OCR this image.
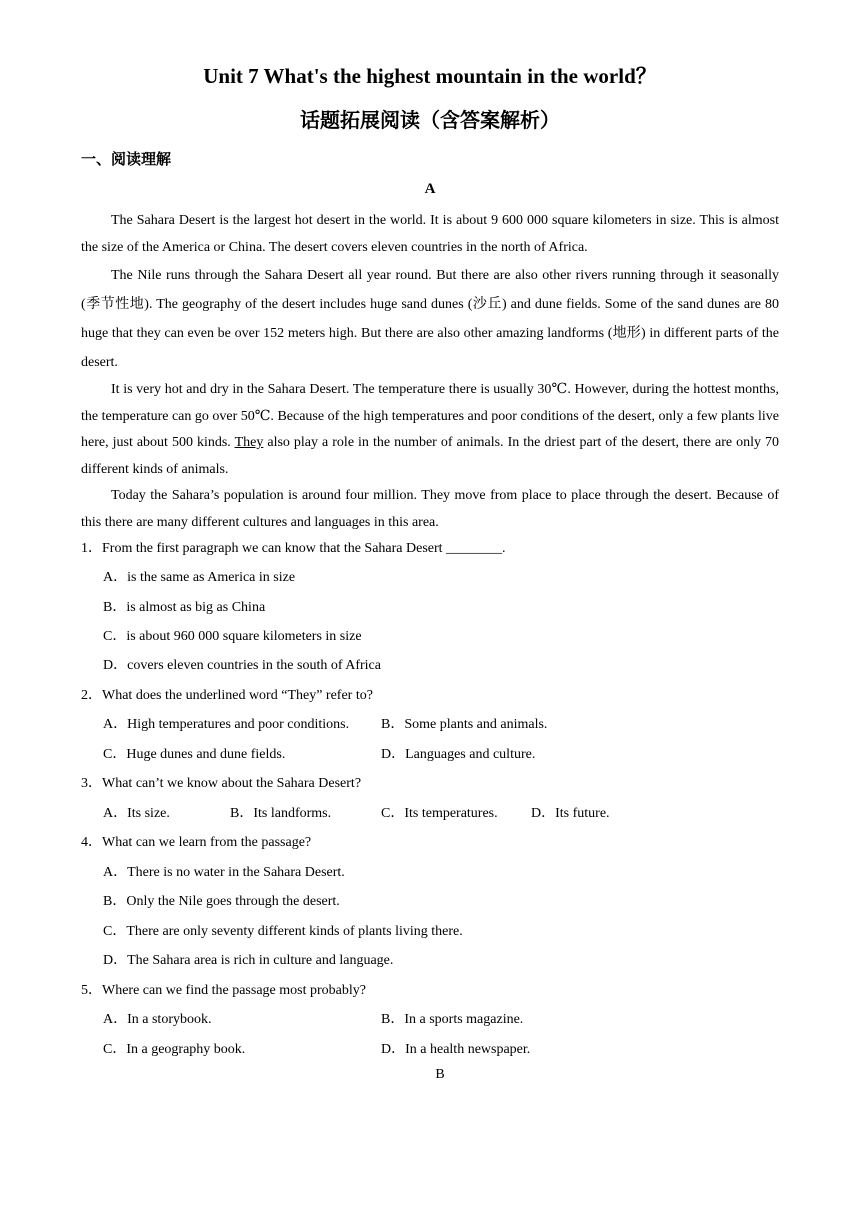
Unit 7 What's the highest mountain in the world？
话题拓展阅读（含答案解析）
一、阅读理解
A

The Sahara Desert is the largest hot desert in the world. It is about 9 600 000 square kilometers in size. This is almost the size of the America or China. The desert covers eleven countries in the north of Africa.

The Nile runs through the Sahara Desert all year round. But there are also other rivers running through it seasonally (季节性地). The geography of the desert includes huge sand dunes (沙丘) and dune fields. Some of the sand dunes are 80 huge that they can even be over 152 meters high. But there are also other amazing landforms (地形) in different parts of the desert.

It is very hot and dry in the Sahara Desert. The temperature there is usually 30℃. However, during the hottest months, the temperature can go over 50℃. Because of the high temperatures and poor conditions of the desert, only a few plants live here, just about 500 kinds. They also play a role in the number of animals. In the driest part of the desert, there are only 70 different kinds of animals.

Today the Sahara’s population is around four million. They move from place to place through the desert. Because of this there are many different cultures and languages in this area.

1．From the first paragraph we can know that the Sahara Desert ________.
A．is the same as America in size
B．is almost as big as China
C．is about 960 000 square kilometers in size
D．covers eleven countries in the south of Africa
2．What does the underlined word “They” refer to?
A．High temperatures and poor conditions. B．Some plants and animals.
C．Huge dunes and dune fields.	D．Languages and culture.
3．What can’t we know about the Sahara Desert?
A．Its size.	B．Its landforms.	C．Its temperatures. D．Its future.
4．What can we learn from the passage?
A．There is no water in the Sahara Desert.
B．Only the Nile goes through the desert.
C．There are only seventy different kinds of plants living there.
D．The Sahara area is rich in culture and language.
5．Where can we find the passage most probably?
A．In a storybook.	B．In a sports magazine.
C．In a geography book.	D．In a health newspaper.
B
